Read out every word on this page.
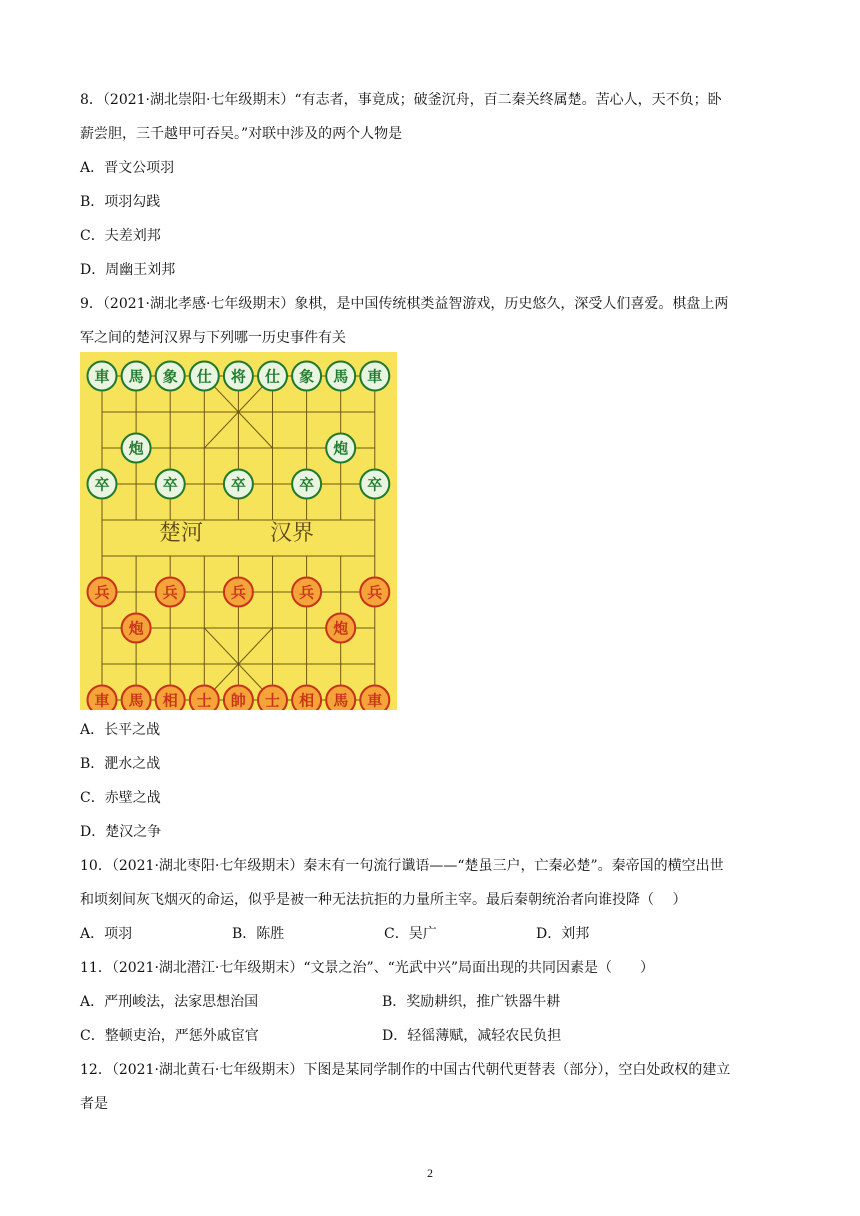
8．（2021·湖北崇阳·七年级期末）“有志者，事竟成；破釜沉舟，百二秦关终属楚。苦心人，天不负；卧
薪尝胆，三千越甲可吞吴。”对联中涉及的两个人物是
A．晋文公项羽
B．项羽勾践
C．夫差刘邦
D．周幽王刘邦
9．（2021·湖北孝感·七年级期末）象棋，是中国传统棋类益智游戏，历史悠久，深受人们喜爱。棋盘上两
军之间的楚河汉界与下列哪一历史事件有关
楚河	汉界
車 馬 象 仕 将 仕 象 馬 車
炮	炮
卒	卒	卒	卒	卒
兵	兵	兵	兵	兵
炮	炮
車 馬 相 士 帥 士 相 馬 車
A．长平之战
B．淝水之战
C．赤壁之战
D．楚汉之争
10．（2021·湖北枣阳·七年级期末）秦末有一句流行谶语——“楚虽三户，亡秦必楚”。秦帝国的横空出世
和顷刻间灰飞烟灭的命运，似乎是被一种无法抗拒的力量所主宰。最后秦朝统治者向谁投降（　 ）
A．项羽	B．陈胜	C．吴广	D．刘邦
11．（2021·湖北潜江·七年级期末）“文景之治”、“光武中兴”局面出现的共同因素是（　　）
A．严刑峻法，法家思想治国	B．奖励耕织，推广铁器牛耕
C．整顿吏治，严惩外戚宦官	D．轻徭薄赋，减轻农民负担
12．（2021·湖北黄石·七年级期末）下图是某同学制作的中国古代朝代更替表（部分），空白处政权的建立
者是
2
